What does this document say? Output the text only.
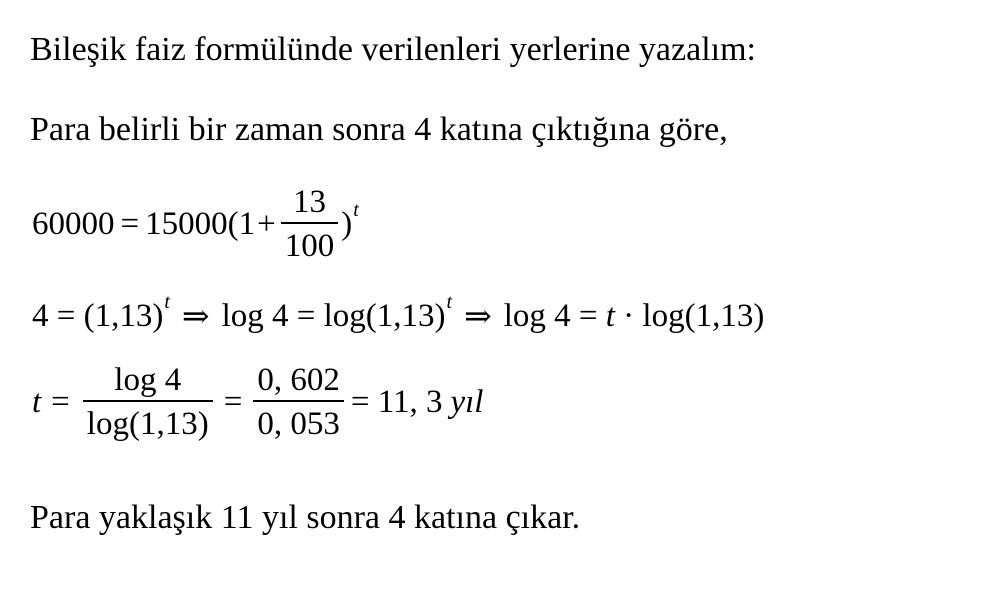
Bileşik faiz formülünde verilenleri yerlerine yazalım:
Para belirli bir zaman sonra 4 katına çıktığına göre,
$60000 = 15000(1 + \frac{13}{100} )^t$
$4 = (1,13)^t$ ⇒ $\log 4 = \log(1,13)^t$ ⇒ log 4 = t · log(1,13)
$t = \frac{\log 4}{\log(1,13)} = \frac{0, 602}{0, 053} = 11$, 3 yıl
Para yaklaşık 11 yıl sonra 4 katına çıkar.
